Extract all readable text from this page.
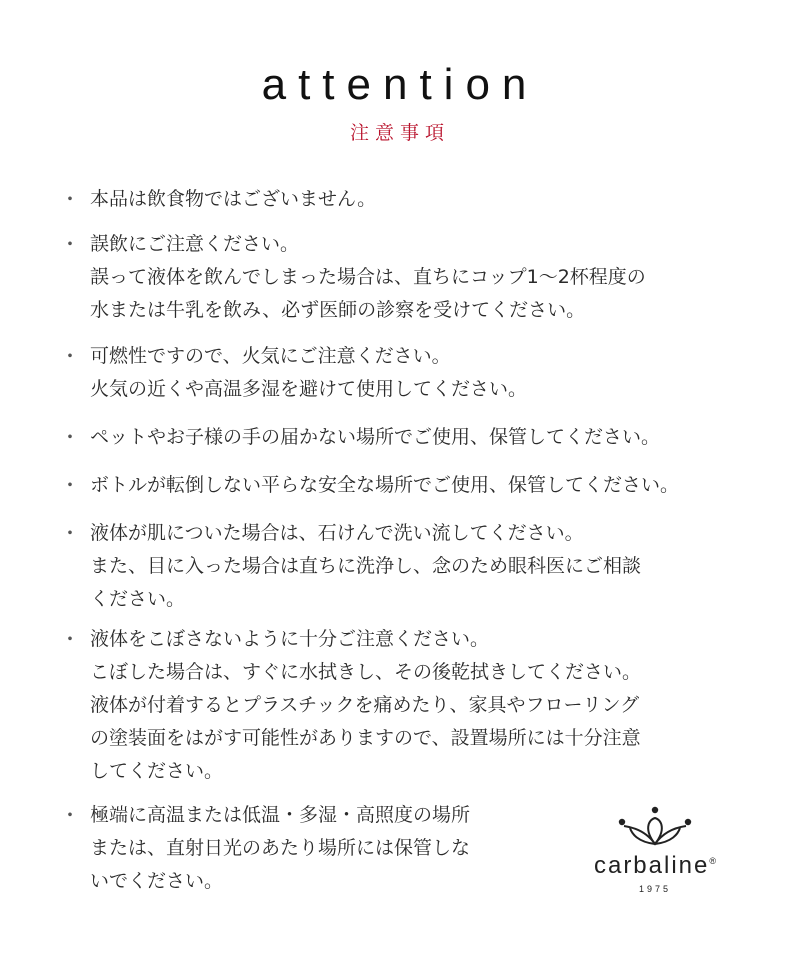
attention
注意事項
・ 本品は飲食物ではございません。
・ 誤飲にご注意ください。
誤って液体を飲んでしまった場合は、直ちにコップ1〜2杯程度の
水または牛乳を飲み、必ず医師の診察を受けてください。
・ 可燃性ですので、火気にご注意ください。
火気の近くや高温多湿を避けて使用してください。
・ ペットやお子様の手の届かない場所でご使用、保管してください。
・ ボトルが転倒しない平らな安全な場所でご使用、保管してください。
・ 液体が肌についた場合は、石けんで洗い流してください。
また、目に入った場合は直ちに洗浄し、念のため眼科医にご相談
ください。
・ 液体をこぼさないように十分ご注意ください。
こぼした場合は、すぐに水拭きし、その後乾拭きしてください。
液体が付着するとプラスチックを痛めたり、家具やフローリング
の塗装面をはがす可能性がありますので、設置場所には十分注意
してください。
・ 極端に高温または低温・多湿・高照度の場所
または、直射日光のあたり場所には保管しな
いでください。
carbaline®
1975
